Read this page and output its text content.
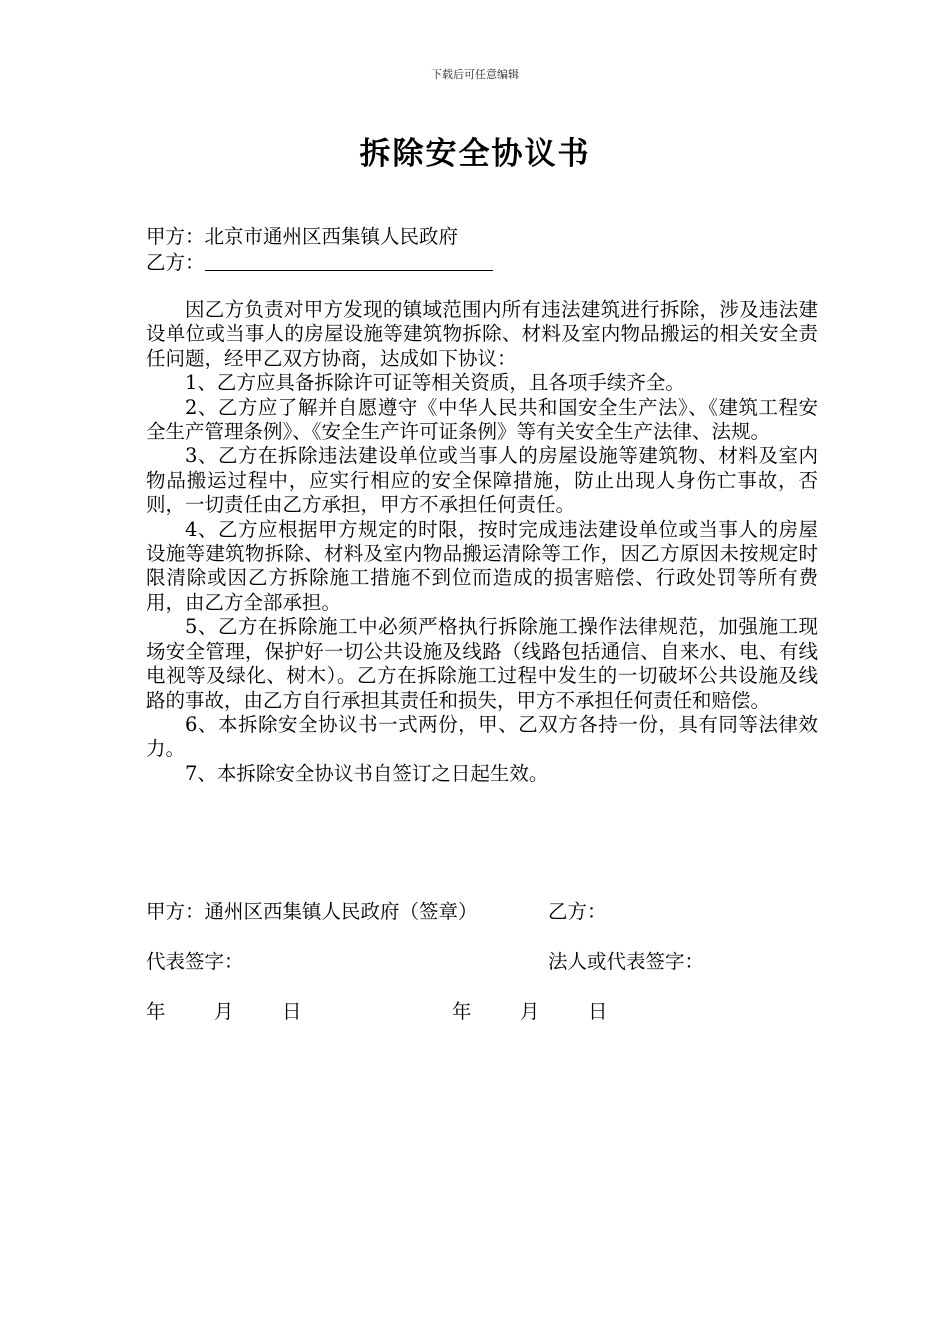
下载后可任意编辑
拆除安全协议书
甲方：北京市通州区西集镇人民政府
乙方：

因乙方负责对甲方发现的镇域范围内所有违法建筑进行拆除，涉及违法建设单位或当事人的房屋设施等建筑物拆除、材料及室内物品搬运的相关安全责任问题，经甲乙双方协商，达成如下协议：

1、乙方应具备拆除许可证等相关资质，且各项手续齐全。

2、乙方应了解并自愿遵守《中华人民共和国安全生产法》、《建筑工程安全生产管理条例》、《安全生产许可证条例》等有关安全生产法律、法规。

3、乙方在拆除违法建设单位或当事人的房屋设施等建筑物、材料及室内物品搬运过程中，应实行相应的安全保障措施，防止出现人身伤亡事故，否则，一切责任由乙方承担，甲方不承担任何责任。

4、乙方应根据甲方规定的时限，按时完成违法建设单位或当事人的房屋设施等建筑物拆除、材料及室内物品搬运清除等工作，因乙方原因未按规定时限清除或因乙方拆除施工措施不到位而造成的损害赔偿、行政处罚等所有费用，由乙方全部承担。

5、乙方在拆除施工中必须严格执行拆除施工操作法律规范，加强施工现场安全管理，保护好一切公共设施及线路（线路包括通信、自来水、电、有线电视等及绿化、树木）。乙方在拆除施工过程中发生的一切破坏公共设施及线路的事故，由乙方自行承担其责任和损失，甲方不承担任何责任和赔偿。

6、本拆除安全协议书一式两份，甲、乙双方各持一份，具有同等法律效力。

7、本拆除安全协议书自签订之日起生效。

甲方：通州区西集镇人民政府（签章）	乙方：
代表签字：	法人或代表签字：
年 月 日	年 月 日
